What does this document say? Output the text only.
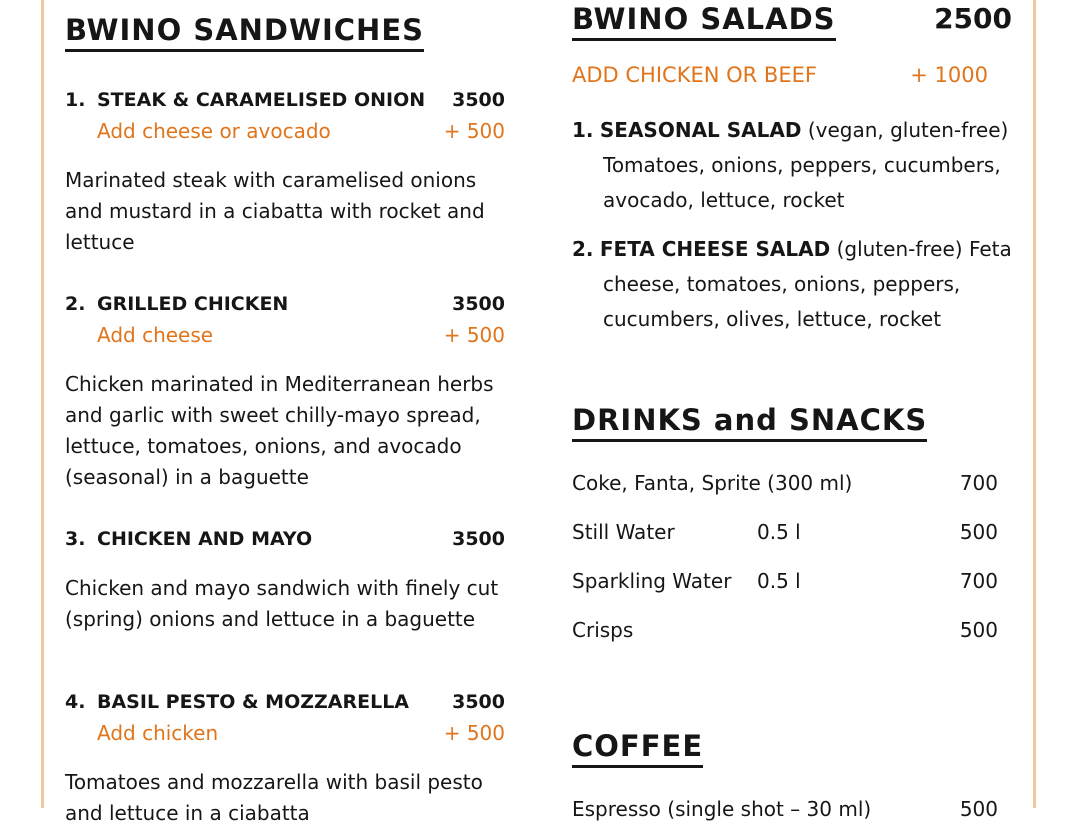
BWINO SANDWICHES
1. STEAK & CARAMELISED ONION 3500
Add cheese or avocado	+ 500
Marinated steak with caramelised onions and mustard in a ciabatta with rocket and lettuce
2. GRILLED CHICKEN	3500
Add cheese	+ 500
Chicken marinated in Mediterranean herbs and garlic with sweet chilly-mayo spread, lettuce, tomatoes, onions, and avocado (seasonal) in a baguette
3. CHICKEN AND MAYO	3500
Chicken and mayo sandwich with finely cut (spring) onions and lettuce in a baguette
4. BASIL PESTO & MOZZARELLA 3500
Add chicken	+ 500
Tomatoes and mozzarella with basil pesto and lettuce in a ciabatta
BWINO SALADS	2500
ADD CHICKEN OR BEEF	+ 1000
1. SEASONAL SALAD (vegan, gluten-free) Tomatoes, onions, peppers, cucumbers, avocado, lettuce, rocket
2. FETA CHEESE SALAD (gluten-free) Feta cheese, tomatoes, onions, peppers, cucumbers, olives, lettuce, rocket
DRINKS and SNACKS
Coke, Fanta, Sprite (300 ml)	700
Still Water	0.5 l	500
Sparkling Water 0.5 l	700
Crisps	500
COFFEE
Espresso (single shot – 30 ml)	500
